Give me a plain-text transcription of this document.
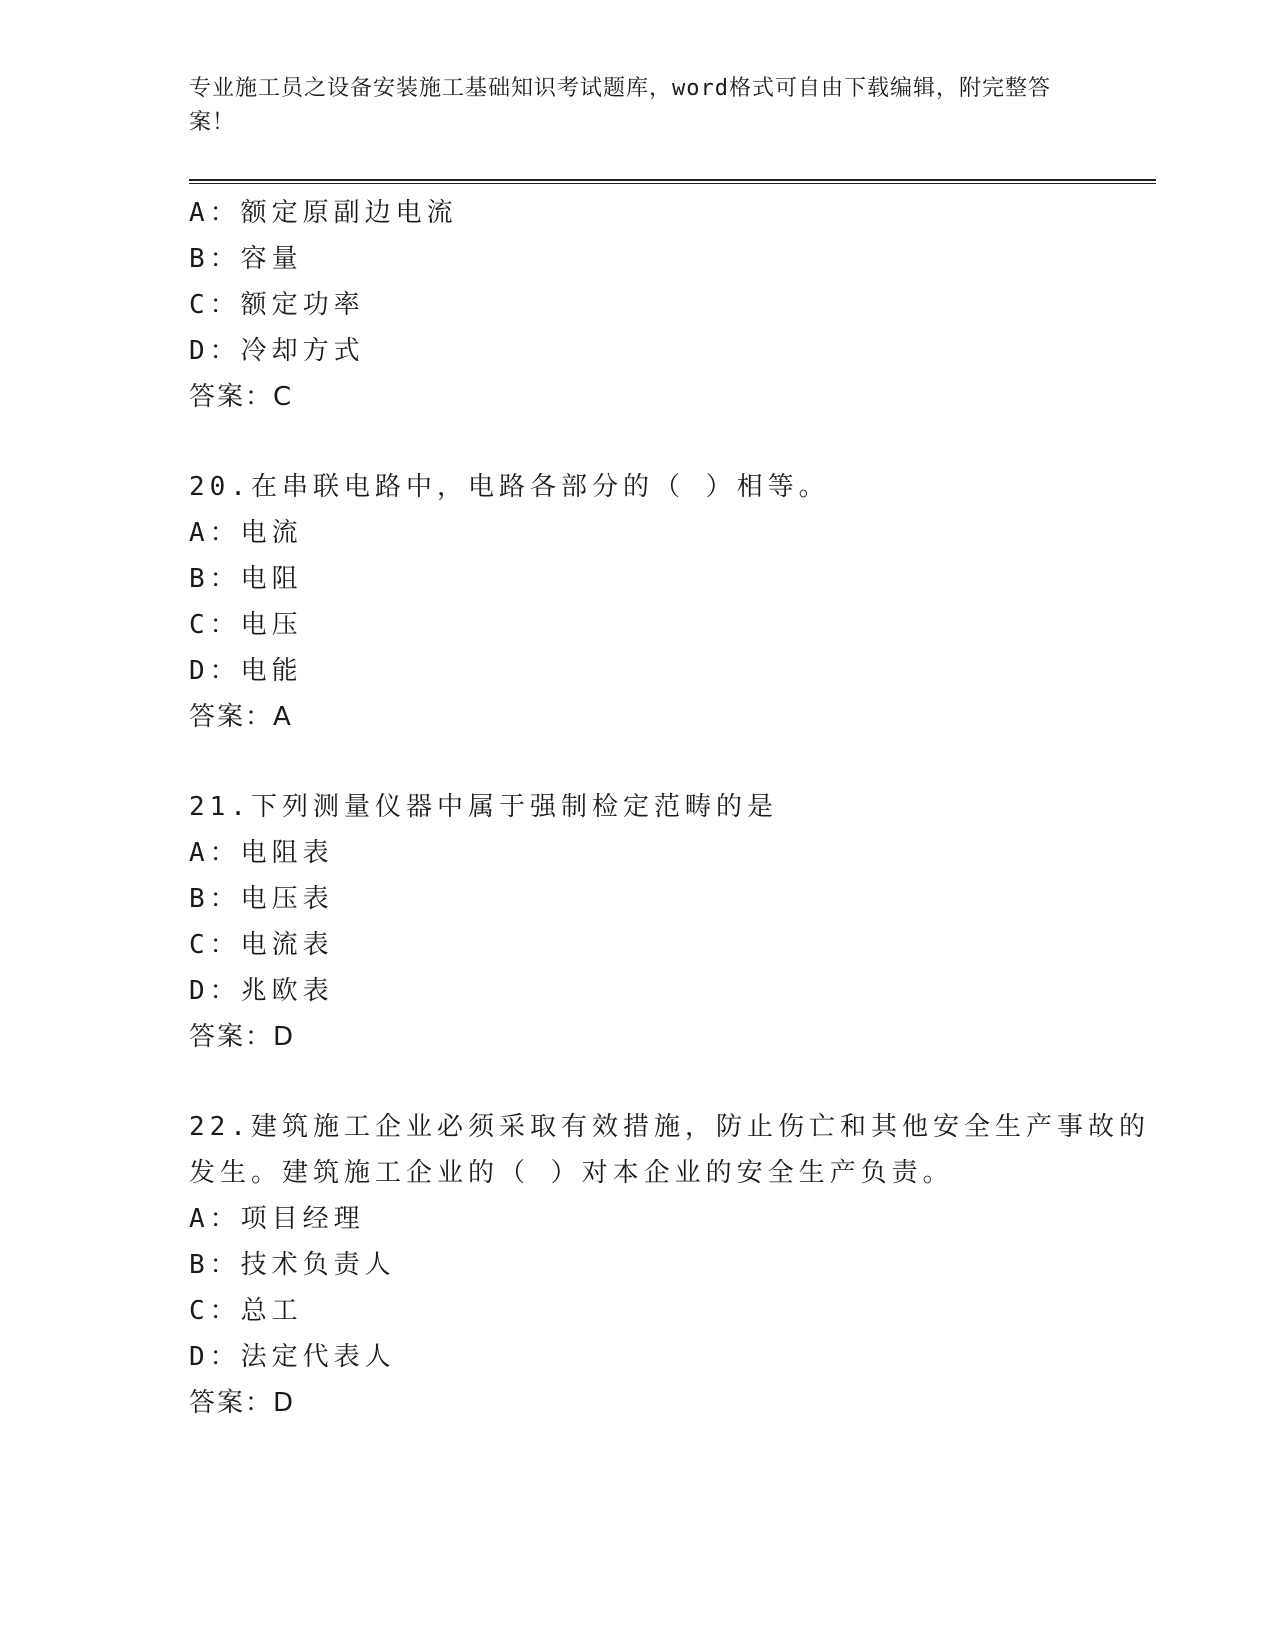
专业施工员之设备安装施工基础知识考试题库，word格式可自由下载编辑，附完整答案！
A：额定原副边电流
B：容量
C：额定功率
D：冷却方式
答案：C
20.在串联电路中，电路各部分的（ ）相等。
A：电流
B：电阻
C：电压
D：电能
答案：A
21.下列测量仪器中属于强制检定范畴的是
A：电阻表
B：电压表
C：电流表
D：兆欧表
答案：D
22.建筑施工企业必须采取有效措施，防止伤亡和其他安全生产事故的
发生。建筑施工企业的（ ）对本企业的安全生产负责。
A：项目经理
B：技术负责人
C：总工
D：法定代表人
答案：D
